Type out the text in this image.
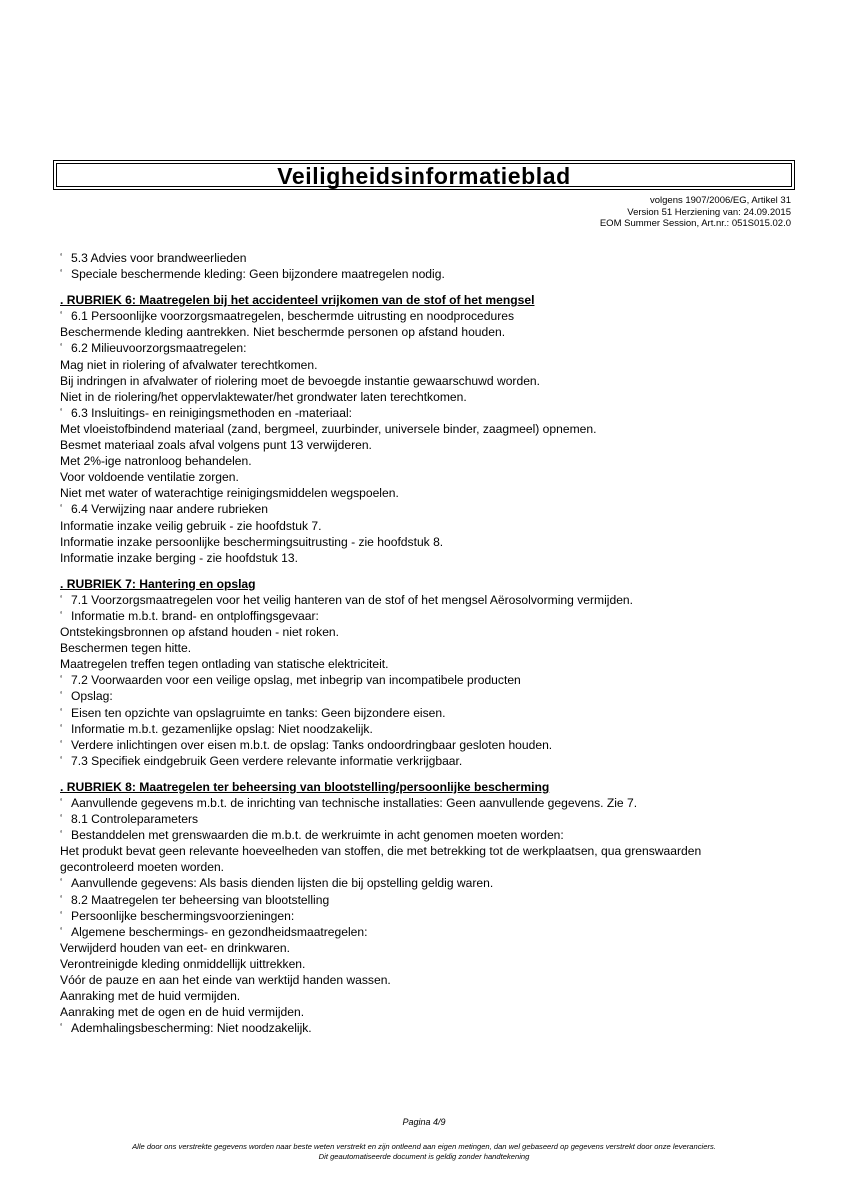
Veiligheidsinformatieblad
volgens 1907/2006/EG, Artikel 31
Version 51 Herziening van: 24.09.2015
EOM Summer Session, Art.nr.: 051S015.02.0
‘ 5.3 Advies voor brandweerlieden
‘ Speciale beschermende kleding: Geen bijzondere maatregelen nodig.
. RUBRIEK 6: Maatregelen bij het accidenteel vrijkomen van de stof of het mengsel
‘ 6.1 Persoonlijke voorzorgsmaatregelen, beschermde uitrusting en noodprocedures
Beschermende kleding aantrekken. Niet beschermde personen op afstand houden.
‘ 6.2 Milieuvoorzorgsmaatregelen:
Mag niet in riolering of afvalwater terechtkomen.
Bij indringen in afvalwater of riolering moet de bevoegde instantie gewaarschuwd worden.
Niet in de riolering/het oppervlaktewater/het grondwater laten terechtkomen.
‘ 6.3 Insluitings- en reinigingsmethoden en -materiaal:
Met vloeistofbindend materiaal (zand, bergmeel, zuurbinder, universele binder, zaagmeel) opnemen.
Besmet materiaal zoals afval volgens punt 13 verwijderen.
Met 2%-ige natronloog behandelen.
Voor voldoende ventilatie zorgen.
Niet met water of waterachtige reinigingsmiddelen wegspoelen.
‘ 6.4 Verwijzing naar andere rubrieken
Informatie inzake veilig gebruik - zie hoofdstuk 7.
Informatie inzake persoonlijke beschermingsuitrusting - zie hoofdstuk 8.
Informatie inzake berging - zie hoofdstuk 13.
. RUBRIEK 7: Hantering en opslag
‘ 7.1 Voorzorgsmaatregelen voor het veilig hanteren van de stof of het mengsel Aërosolvorming vermijden.
‘ Informatie m.b.t. brand- en ontploffingsgevaar:
Ontstekingsbronnen op afstand houden - niet roken.
Beschermen tegen hitte.
Maatregelen treffen tegen ontlading van statische elektriciteit.
‘ 7.2 Voorwaarden voor een veilige opslag, met inbegrip van incompatibele producten
‘ Opslag:
‘ Eisen ten opzichte van opslagruimte en tanks: Geen bijzondere eisen.
‘ Informatie m.b.t. gezamenlijke opslag: Niet noodzakelijk.
‘ Verdere inlichtingen over eisen m.b.t. de opslag: Tanks ondoordringbaar gesloten houden.
‘ 7.3 Specifiek eindgebruik Geen verdere relevante informatie verkrijgbaar.
. RUBRIEK 8: Maatregelen ter beheersing van blootstelling/persoonlijke bescherming
‘ Aanvullende gegevens m.b.t. de inrichting van technische installaties: Geen aanvullende gegevens. Zie 7.
‘ 8.1 Controleparameters
‘ Bestanddelen met grenswaarden die m.b.t. de werkruimte in acht genomen moeten worden:
Het produkt bevat geen relevante hoeveelheden van stoffen, die met betrekking tot de werkplaatsen, qua grenswaarden
gecontroleerd moeten worden.
‘ Aanvullende gegevens: Als basis dienden lijsten die bij opstelling geldig waren.
‘ 8.2 Maatregelen ter beheersing van blootstelling
‘ Persoonlijke beschermingsvoorzieningen:
‘ Algemene beschermings- en gezondheidsmaatregelen:
Verwijderd houden van eet- en drinkwaren.
Verontreinigde kleding onmiddellijk uittrekken.
Vóór de pauze en aan het einde van werktijd handen wassen.
Aanraking met de huid vermijden.
Aanraking met de ogen en de huid vermijden.
‘ Ademhalingsbescherming: Niet noodzakelijk.
Pagina 4/9
Alle door ons verstrekte gegevens worden naar beste weten verstrekt en zijn ontleend aan eigen metingen, dan wel gebaseerd op gegevens verstrekt door onze leveranciers.
Dit geautomatiseerde document is geldig zonder handtekening
